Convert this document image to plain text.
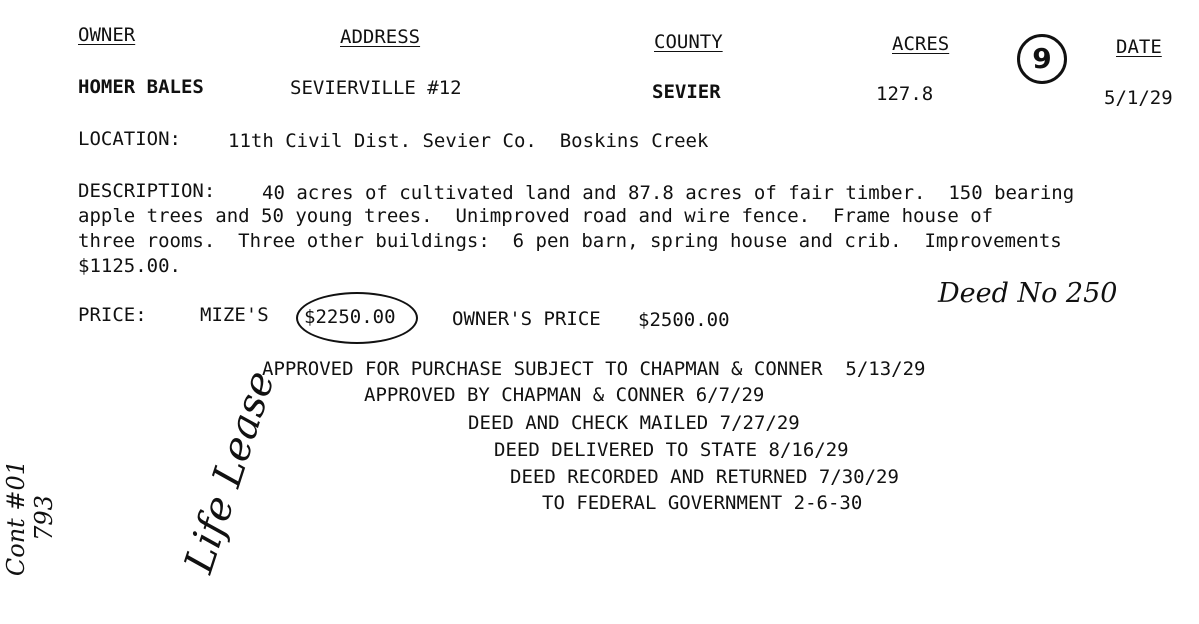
OWNER	ADDRESS	COUNTY	ACRES	9	DATE
HOMER BALES	SEVIERVILLE #12	SEVIER	127.8	5/1/29
LOCATION: 11th Civil Dist. Sevier Co.  Boskins Creek
DESCRIPTION: 40 acres of cultivated land and 87.8 acres of fair timber.  150 bearing
apple trees and 50 young trees.  Unimproved road and wire fence.  Frame house of
three rooms.  Three other buildings:  6 pen barn, spring house and crib.  Improvements
$1125.00.
PRICE:	MIZE'S $2250.00	OWNER'S PRICE $2500.00
Deed No 250
APPROVED FOR PURCHASE SUBJECT TO CHAPMAN & CONNER  5/13/29
APPROVED BY CHAPMAN & CONNER 6/7/29
DEED AND CHECK MAILED 7/27/29
DEED DELIVERED TO STATE 8/16/29
DEED RECORDED AND RETURNED 7/30/29
TO FEDERAL GOVERNMENT 2-6-30
Cont #01
793	Life Lease
